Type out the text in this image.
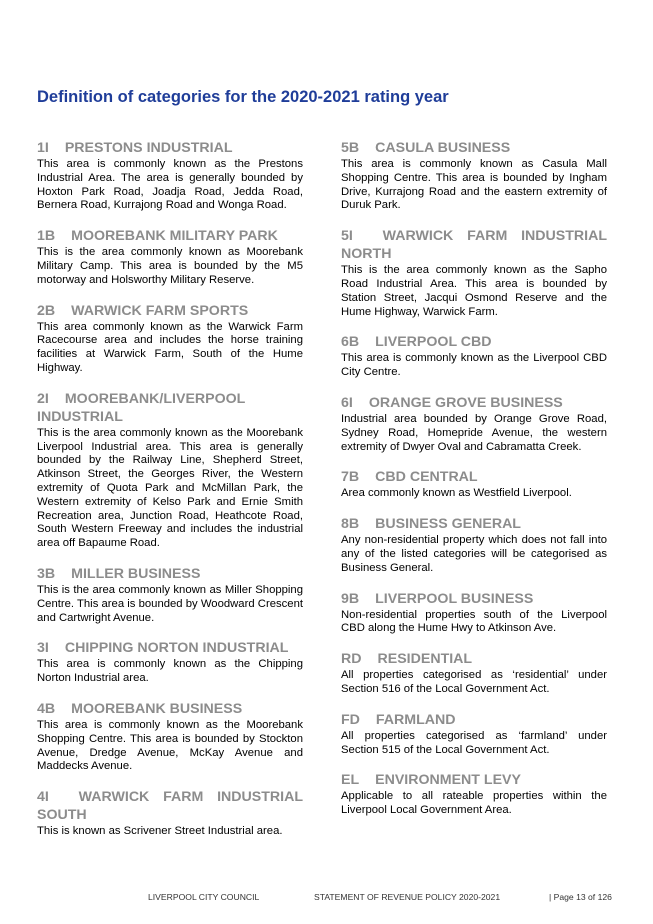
Definition of categories for the 2020-2021 rating year
1I PRESTONS INDUSTRIAL

This area is commonly known as the Prestons Industrial Area. The area is generally bounded by Hoxton Park Road, Joadja Road, Jedda Road, Bernera Road, Kurrajong Road and Wonga Road.

1B MOOREBANK MILITARY PARK

This is the area commonly known as Moorebank Military Camp. This area is bounded by the M5 motorway and Holsworthy Military Reserve.

2B WARWICK FARM SPORTS

This area commonly known as the Warwick Farm Racecourse area and includes the horse training facilities at Warwick Farm, South of the Hume Highway.

2I MOOREBANK/LIVERPOOL INDUSTRIAL

This is the area commonly known as the Moorebank Liverpool Industrial area. This area is generally bounded by the Railway Line, Shepherd Street, Atkinson Street, the Georges River, the Western extremity of Quota Park and McMillan Park, the Western extremity of Kelso Park and Ernie Smith Recreation area, Junction Road, Heathcote Road, South Western Freeway and includes the industrial area off Bapaume Road.

3B MILLER BUSINESS

This is the area commonly known as Miller Shopping Centre. This area is bounded by Woodward Crescent and Cartwright Avenue.

3I CHIPPING NORTON INDUSTRIAL

This area is commonly known as the Chipping Norton Industrial area.

4B MOOREBANK BUSINESS

This area is commonly known as the Moorebank Shopping Centre. This area is bounded by Stockton Avenue, Dredge Avenue, McKay Avenue and Maddecks Avenue.

4I WARWICK FARM INDUSTRIAL SOUTH

This is known as Scrivener Street Industrial area.

5B CASULA BUSINESS

This area is commonly known as Casula Mall Shopping Centre. This area is bounded by Ingham Drive, Kurrajong Road and the eastern extremity of Duruk Park.

5I WARWICK FARM INDUSTRIAL NORTH

This is the area commonly known as the Sapho Road Industrial Area. This area is bounded by Station Street, Jacqui Osmond Reserve and the Hume Highway, Warwick Farm.

6B LIVERPOOL CBD

This area is commonly known as the Liverpool CBD City Centre.

6I ORANGE GROVE BUSINESS

Industrial area bounded by Orange Grove Road, Sydney Road, Homepride Avenue, the western extremity of Dwyer Oval and Cabramatta Creek.

7B CBD CENTRAL

Area commonly known as Westfield Liverpool.

8B BUSINESS GENERAL

Any non-residential property which does not fall into any of the listed categories will be categorised as Business General.

9B LIVERPOOL BUSINESS

Non-residential properties south of the Liverpool CBD along the Hume Hwy to Atkinson Ave.

RD RESIDENTIAL

All properties categorised as ‘residential’ under Section 516 of the Local Government Act.

FD FARMLAND

All properties categorised as ‘farmland’ under Section 515 of the Local Government Act.

EL ENVIRONMENT LEVY

Applicable to all rateable properties within the Liverpool Local Government Area.

LIVERPOOL CITY COUNCIL	STATEMENT OF REVENUE POLICY 2020-2021	| Page 13 of 126
